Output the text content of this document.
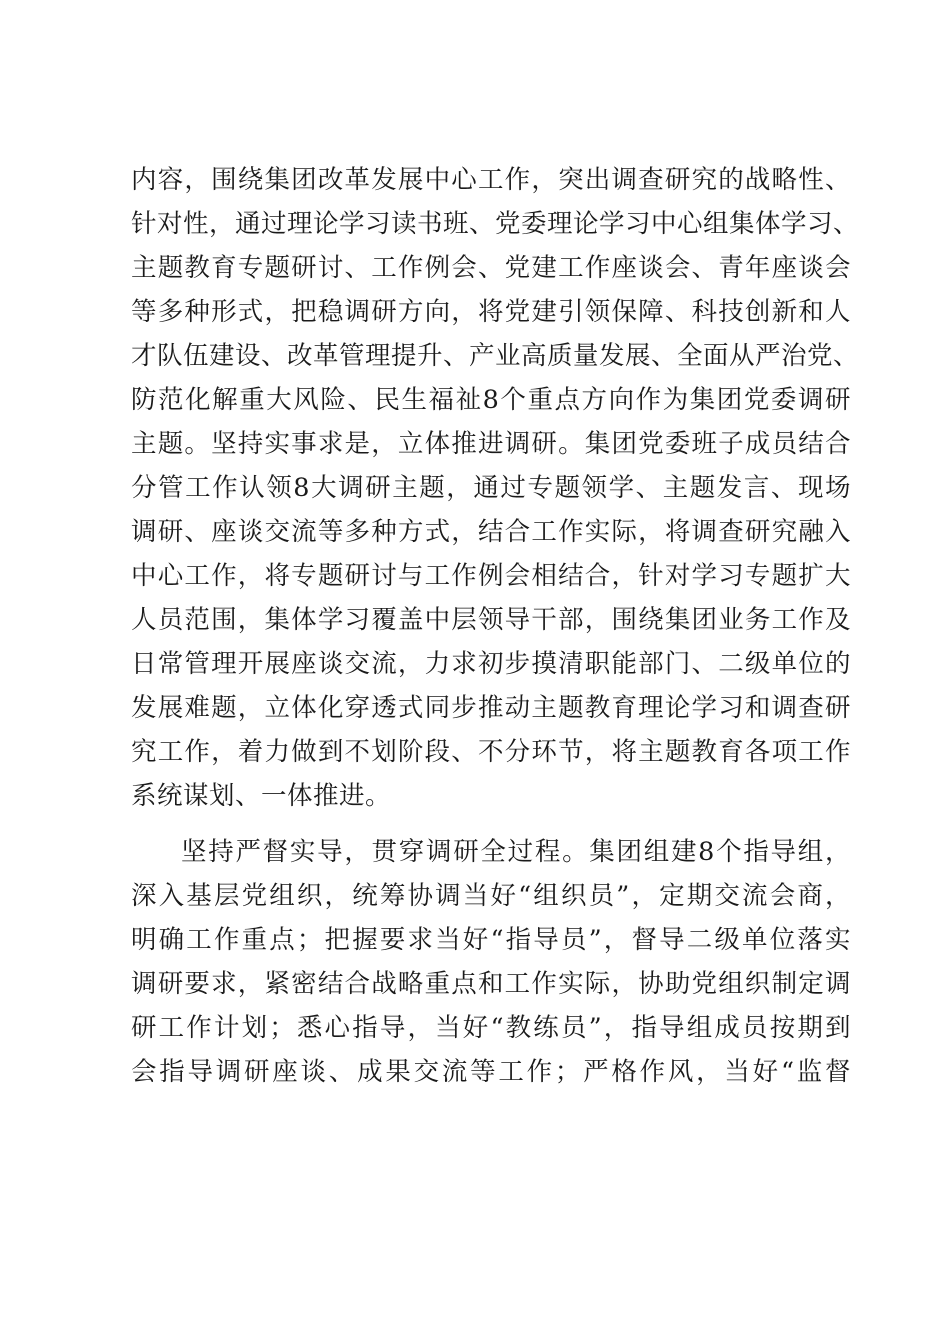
内容，围绕集团改革发展中心工作，突出调查研究的战略性、
针对性，通过理论学习读书班、党委理论学习中心组集体学习、
主题教育专题研讨、工作例会、党建工作座谈会、青年座谈会
等多种形式，把稳调研方向，将党建引领保障、科技创新和人
才队伍建设、改革管理提升、产业高质量发展、全面从严治党、
防范化解重大风险、民生福祉8个重点方向作为集团党委调研
主题。坚持实事求是，立体推进调研。集团党委班子成员结合
分管工作认领8大调研主题，通过专题领学、主题发言、现场
调研、座谈交流等多种方式，结合工作实际，将调查研究融入
中心工作，将专题研讨与工作例会相结合，针对学习专题扩大
人员范围，集体学习覆盖中层领导干部，围绕集团业务工作及
日常管理开展座谈交流，力求初步摸清职能部门、二级单位的
发展难题，立体化穿透式同步推动主题教育理论学习和调查研
究工作，着力做到不划阶段、不分环节，将主题教育各项工作
系统谋划、一体推进。
坚持严督实导，贯穿调研全过程。集团组建8个指导组，
深入基层党组织，统筹协调当好“组织员”，定期交流会商，
明确工作重点；把握要求当好“指导员”，督导二级单位落实
调研要求，紧密结合战略重点和工作实际，协助党组织制定调
研工作计划；悉心指导，当好“教练员”，指导组成员按期到
会指导调研座谈、成果交流等工作；严格作风，当好“监督
